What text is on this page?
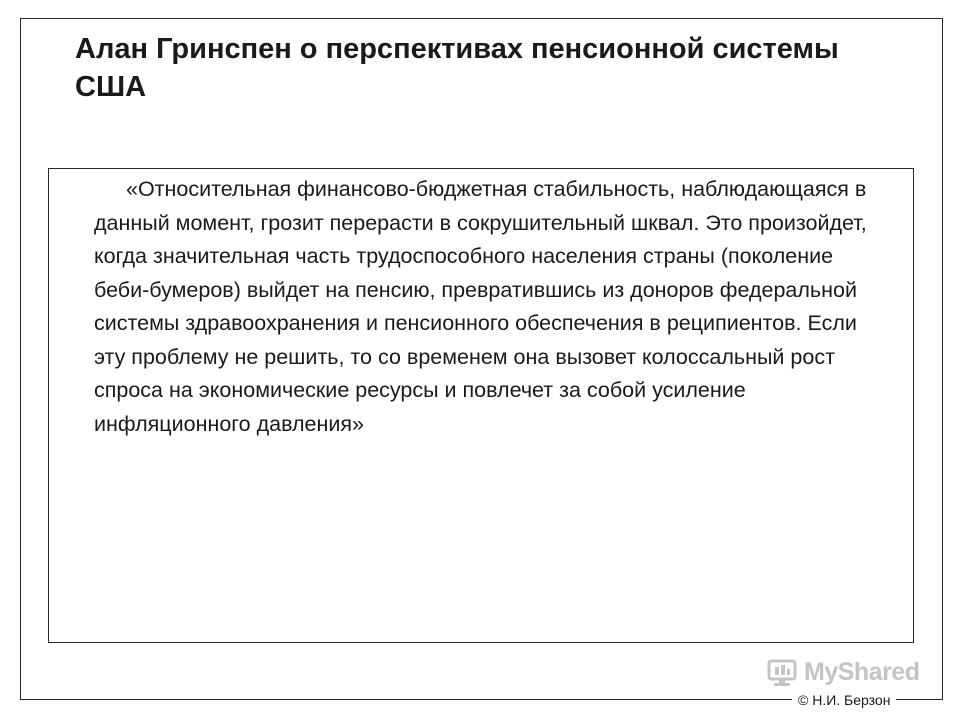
Алан Гринспен о перспективах пенсионной системы США

«Относительная финансово-бюджетная стабильность, наблюдающаяся в данный момент, грозит перерасти в сокрушительный шквал. Это произойдет, когда значительная часть трудоспособного населения страны (поколение беби-бумеров) выйдет на пенсию, превратившись из доноров федеральной системы здравоохранения и пенсионного обеспечения в реципиентов. Если эту проблему не решить, то со временем она вызовет колоссальный рост спроса на экономические ресурсы и повлечет за собой усиление инфляционного давления»

MyShared
© Н.И. Берзон
